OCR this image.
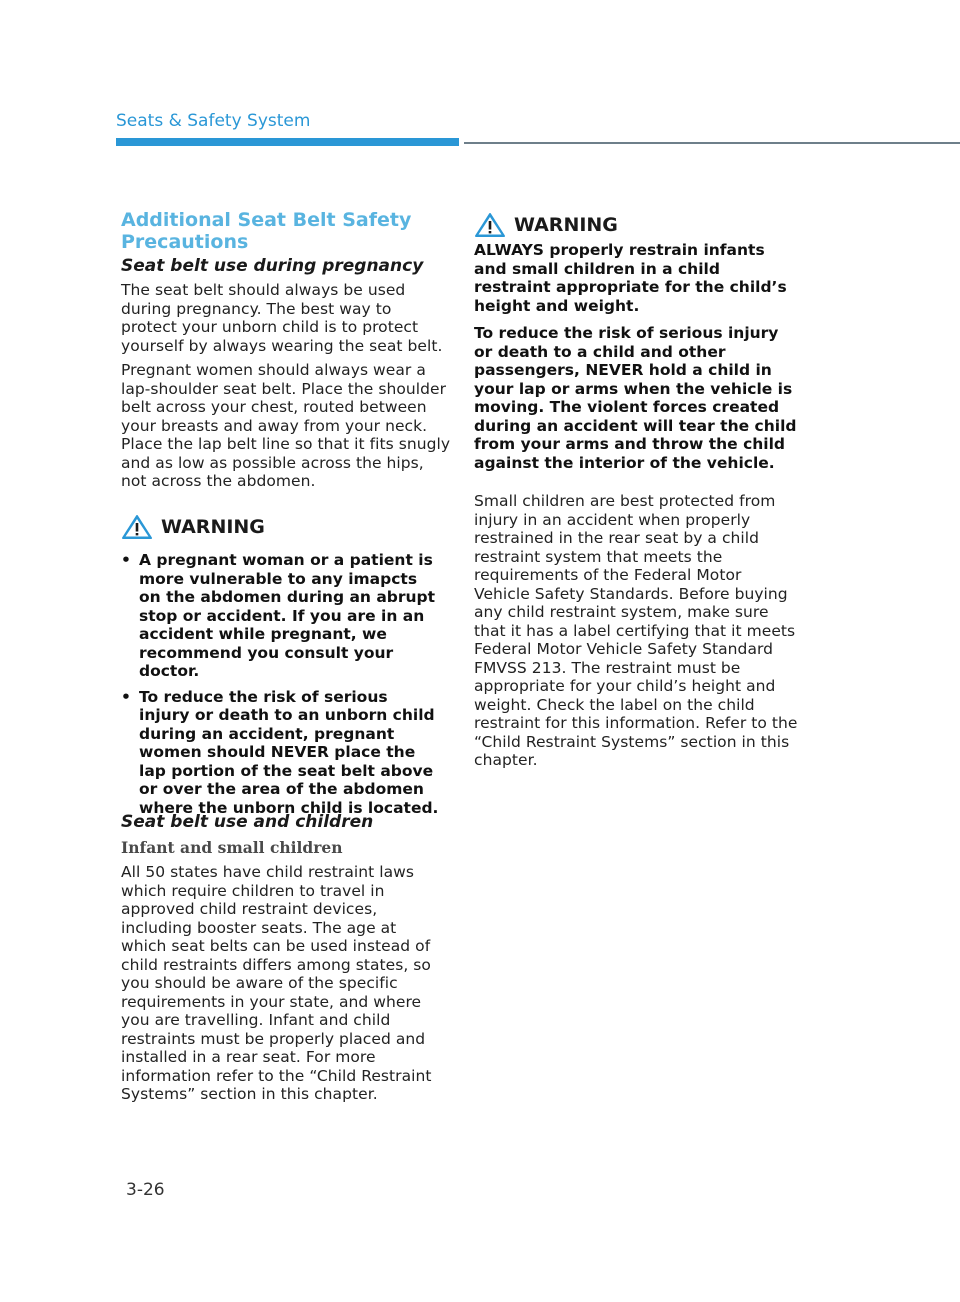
Seats & Safety System
Additional Seat Belt Safety Precautions
Seat belt use during pregnancy

The seat belt should always be used during pregnancy. The best way to protect your unborn child is to protect yourself by always wearing the seat belt.

Pregnant women should always wear a lap-shoulder seat belt. Place the shoulder belt across your chest, routed between your breasts and away from your neck. Place the lap belt line so that it fits snugly and as low as possible across the hips, not across the abdomen.

WARNING
• A pregnant woman or a patient is more vulnerable to any imapcts on the abdomen during an abrupt stop or accident. If you are in an accident while pregnant, we recommend you consult your doctor.
• To reduce the risk of serious injury or death to an unborn child during an accident, pregnant women should NEVER place the lap portion of the seat belt above or over the area of the abdomen where the unborn child is located.
Seat belt use and children
Infant and small children

All 50 states have child restraint laws which require children to travel in approved child restraint devices, including booster seats. The age at which seat belts can be used instead of child restraints differs among states, so you should be aware of the specific requirements in your state, and where you are travelling. Infant and child restraints must be properly placed and installed in a rear seat. For more information refer to the “Child Restraint Systems” section in this chapter.

WARNING

ALWAYS properly restrain infants and small children in a child restraint appropriate for the child’s height and weight.

To reduce the risk of serious injury or death to a child and other passengers, NEVER hold a child in your lap or arms when the vehicle is moving. The violent forces created during an accident will tear the child from your arms and throw the child against the interior of the vehicle.

Small children are best protected from injury in an accident when properly restrained in the rear seat by a child restraint system that meets the requirements of the Federal Motor Vehicle Safety Standards. Before buying any child restraint system, make sure that it has a label certifying that it meets Federal Motor Vehicle Safety Standard FMVSS 213. The restraint must be appropriate for your child’s height and weight. Check the label on the child restraint for this information. Refer to the “Child Restraint Systems” section in this chapter.

3-26
